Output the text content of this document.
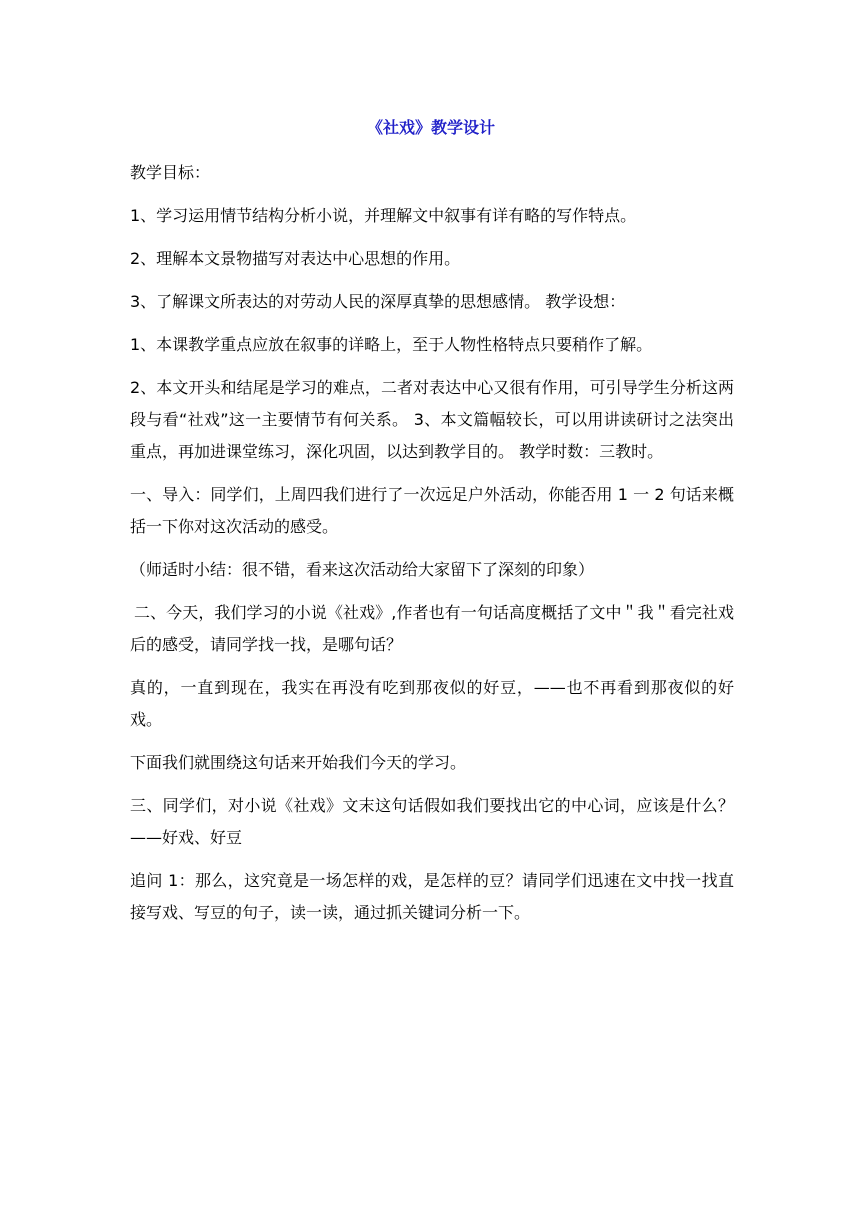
《社戏》教学设计

教学目标：

1、学习运用情节结构分析小说，并理解文中叙事有详有略的写作特点。

2、理解本文景物描写对表达中心思想的作用。

3、了解课文所表达的对劳动人民的深厚真挚的思想感情。 教学设想：

1、本课教学重点应放在叙事的详略上，至于人物性格特点只要稍作了解。

2、本文开头和结尾是学习的难点，二者对表达中心又很有作用，可引导学生分析这两段与看“社戏”这一主要情节有何关系。 3、本文篇幅较长，可以用讲读研讨之法突出重点，再加进课堂练习，深化巩固，以达到教学目的。 教学时数：三教时。

一、导入：同学们，上周四我们进行了一次远足户外活动，你能否用 1 一 2 句话来概括一下你对这次活动的感受。

（师适时小结：很不错，看来这次活动给大家留下了深刻的印象）

二、今天，我们学习的小说《社戏》,作者也有一句话高度概括了文中＂我＂看完社戏后的感受，请同学找一找，是哪句话？

真的，一直到现在，我实在再没有吃到那夜似的好豆，——也不再看到那夜似的好戏。

下面我们就围绕这句话来开始我们今天的学习。

三、同学们，对小说《社戏》文末这句话假如我们要找出它的中心词，应该是什么？——好戏、好豆

追问 1：那么，这究竟是一场怎样的戏，是怎样的豆？请同学们迅速在文中找一找直接写戏、写豆的句子，读一读，通过抓关键词分析一下。
